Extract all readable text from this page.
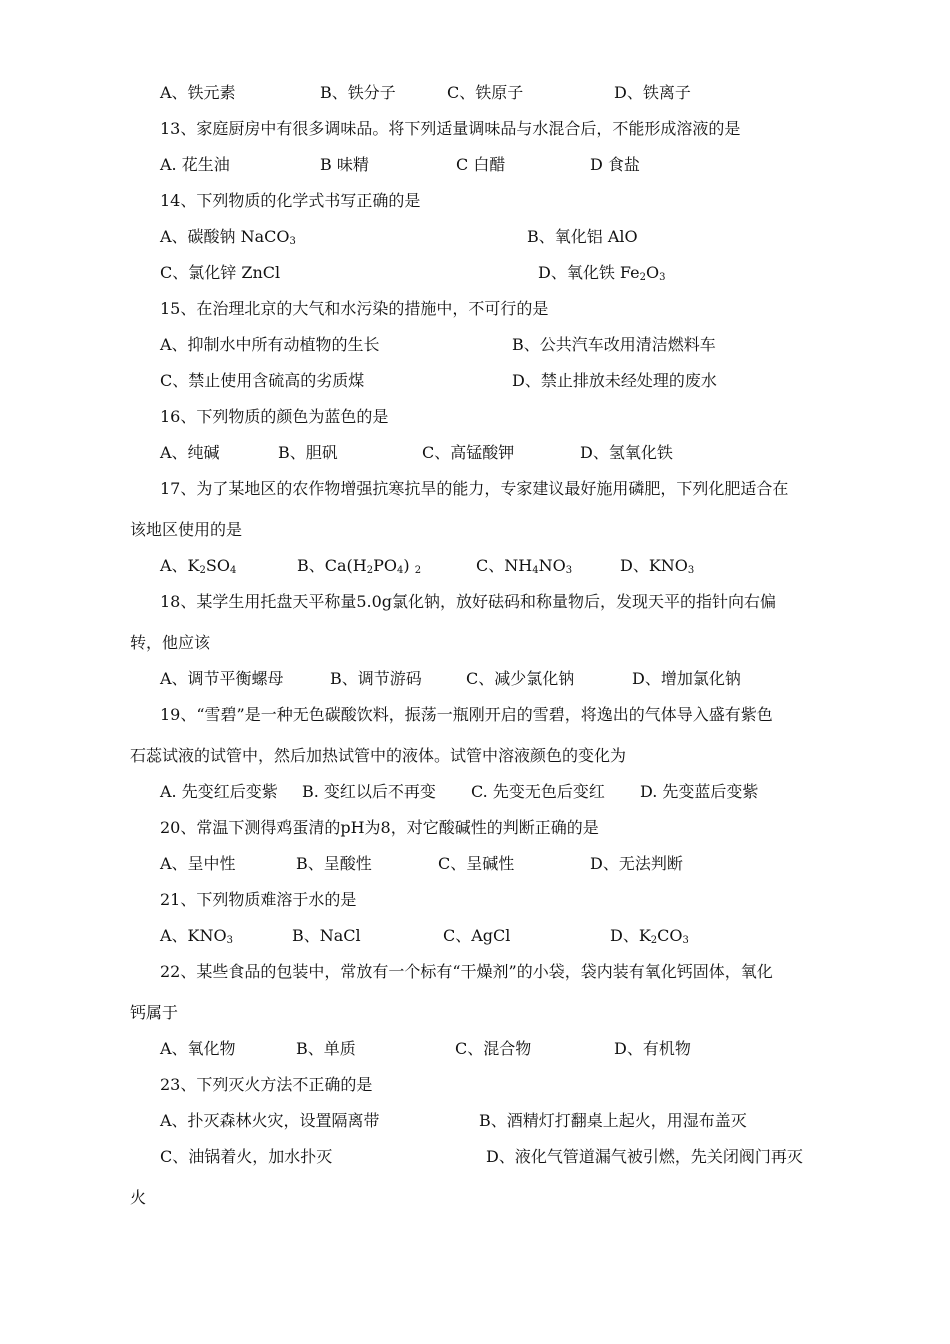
A、铁元素	B、铁分子	C、铁原子	D、铁离子
13、家庭厨房中有很多调味品。将下列适量调味品与水混合后，不能形成溶液的是
A. 花生油	B 味精	C 白醋	D 食盐
14、下列物质的化学式书写正确的是
A、碳酸钠 NaCO$_3$	B、氧化铝 AlO
C、氯化锌 ZnCl	D、氧化铁 $Fe_2O_3$
15、在治理北京的大气和水污染的措施中，不可行的是
A、抑制水中所有动植物的生长	B、公共汽车改用清洁燃料车
C、禁止使用含硫高的劣质煤	D、禁止排放未经处理的废水
16、下列物质的颜色为蓝色的是
A、纯碱	B、胆矾	C、高锰酸钾	D、氢氧化铁
17、为了某地区的农作物增强抗寒抗旱的能力，专家建议最好施用磷肥，下列化肥适合在
该地区使用的是
A、$K_2SO_4$	B、$Ca(H_2PO_4)$ $_2$	C、$NH_4NO_3$	D、$KNO_3$
18、某学生用托盘天平称量5.0g氯化钠，放好砝码和称量物后，发现天平的指针向右偏
转，他应该
A、调节平衡螺母	B、调节游码	C、减少氯化钠	D、增加氯化钠
19、“雪碧”是一种无色碳酸饮料，振荡一瓶刚开启的雪碧，将逸出的气体导入盛有紫色
石蕊试液的试管中，然后加热试管中的液体。试管中溶液颜色的变化为
A. 先变红后变紫 B. 变红以后不再变 C. 先变无色后变红 D. 先变蓝后变紫
20、常温下测得鸡蛋清的pH为8，对它酸碱性的判断正确的是
A、呈中性	B、呈酸性	C、呈碱性	D、无法判断
21、下列物质难溶于水的是
A、$KNO_3$	B、NaCl	C、AgCl	D、$K_2CO_3$
22、某些食品的包装中，常放有一个标有“干燥剂”的小袋，袋内装有氧化钙固体，氧化
钙属于
A、氧化物	B、单质	C、混合物	D、有机物
23、下列灭火方法不正确的是
A、扑灭森林火灾，设置隔离带	B、酒精灯打翻桌上起火，用湿布盖灭
C、油锅着火，加水扑灭	D、液化气管道漏气被引燃，先关闭阀门再灭
火
